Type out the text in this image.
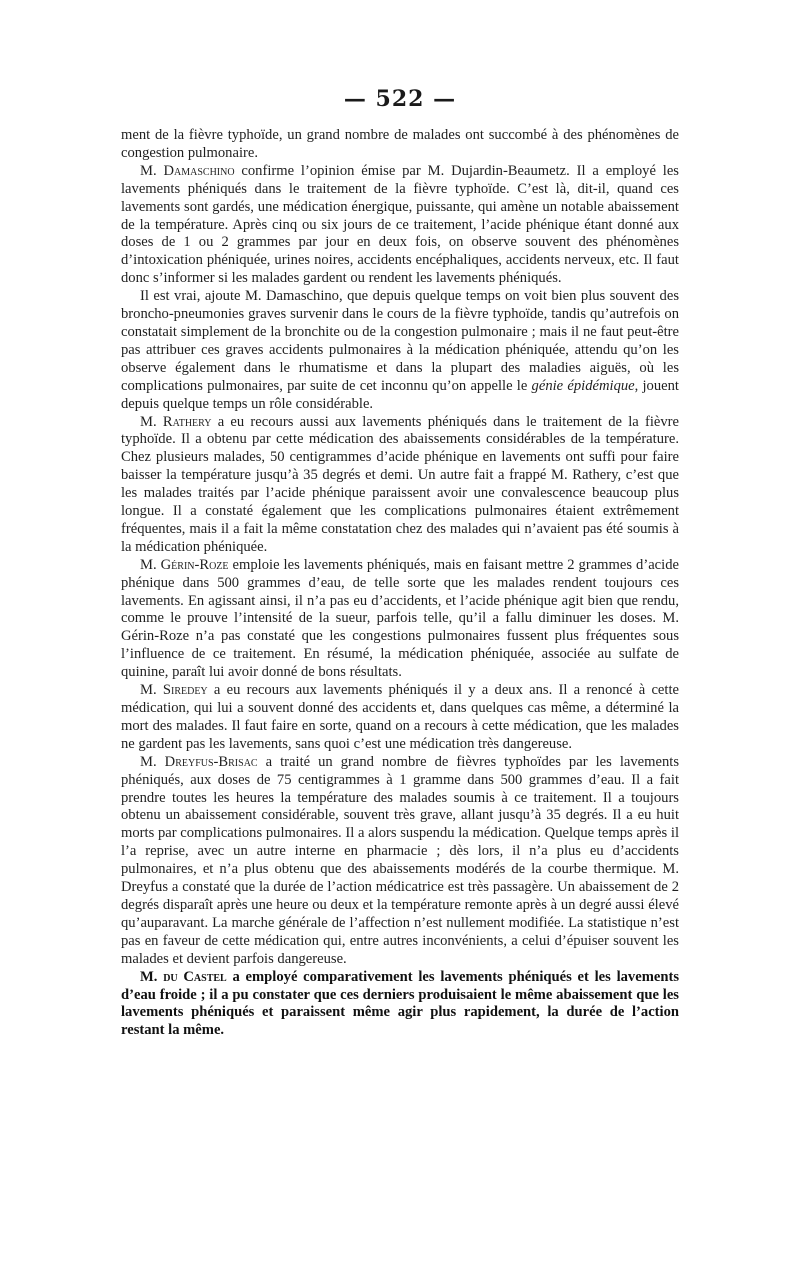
— 522 —

ment de la fièvre typhoïde, un grand nombre de malades ont succombé à des phénomènes de congestion pulmonaire.

M. Damaschino confirme l’opinion émise par M. Dujardin-Beaumetz. Il a employé les lavements phéniqués dans le traitement de la fièvre typhoïde. C’est là, dit-il, quand ces lavements sont gardés, une médication énergique, puissante, qui amène un notable abaissement de la température. Après cinq ou six jours de ce traitement, l’acide phénique étant donné aux doses de 1 ou 2 grammes par jour en deux fois, on observe souvent des phénomènes d’intoxication phéniquée, urines noires, accidents encéphaliques, accidents nerveux, etc. Il faut donc s’informer si les malades gardent ou rendent les lavements phéniqués.

Il est vrai, ajoute M. Damaschino, que depuis quelque temps on voit bien plus souvent des broncho-pneumonies graves survenir dans le cours de la fièvre typhoïde, tandis qu’autrefois on constatait simplement de la bronchite ou de la congestion pulmonaire ; mais il ne faut peut-être pas attribuer ces graves accidents pulmonaires à la médication phéniquée, attendu qu’on les observe également dans le rhumatisme et dans la plupart des maladies aiguës, où les complications pulmonaires, par suite de cet inconnu qu’on appelle le génie épidémique, jouent depuis quelque temps un rôle considérable.

M. Rathery a eu recours aussi aux lavements phéniqués dans le traitement de la fièvre typhoïde. Il a obtenu par cette médication des abaissements considérables de la température. Chez plusieurs malades, 50 centigrammes d’acide phénique en lavements ont suffi pour faire baisser la température jusqu’à 35 degrés et demi. Un autre fait a frappé M. Rathery, c’est que les malades traités par l’acide phénique paraissent avoir une convalescence beaucoup plus longue. Il a constaté également que les complications pulmonaires étaient extrêmement fréquentes, mais il a fait la même constatation chez des malades qui n’avaient pas été soumis à la médication phéniquée.

M. Gérin-Roze emploie les lavements phéniqués, mais en faisant mettre 2 grammes d’acide phénique dans 500 grammes d’eau, de telle sorte que les malades rendent toujours ces lavements. En agissant ainsi, il n’a pas eu d’accidents, et l’acide phénique agit bien que rendu, comme le prouve l’intensité de la sueur, parfois telle, qu’il a fallu diminuer les doses. M. Gérin-Roze n’a pas constaté que les congestions pulmonaires fussent plus fréquentes sous l’influence de ce traitement. En résumé, la médication phéniquée, associée au sulfate de quinine, paraît lui avoir donné de bons résultats.

M. Siredey a eu recours aux lavements phéniqués il y a deux ans. Il a renoncé à cette médication, qui lui a souvent donné des accidents et, dans quelques cas même, a déterminé la mort des malades. Il faut faire en sorte, quand on a recours à cette médication, que les malades ne gardent pas les lavements, sans quoi c’est une médication très dangereuse.

M. Dreyfus-Brisac a traité un grand nombre de fièvres typhoïdes par les lavements phéniqués, aux doses de 75 centigrammes à 1 gramme dans 500 grammes d’eau. Il a fait prendre toutes les heures la température des malades soumis à ce traitement. Il a toujours obtenu un abaissement considérable, souvent très grave, allant jusqu’à 35 degrés. Il a eu huit morts par complications pulmonaires. Il a alors suspendu la médication. Quelque temps après il l’a reprise, avec un autre interne en pharmacie ; dès lors, il n’a plus eu d’accidents pulmonaires, et n’a plus obtenu que des abaissements modérés de la courbe thermique. M. Dreyfus a constaté que la durée de l’action médicatrice est très passagère. Un abaissement de 2 degrés disparaît après une heure ou deux et la température remonte après à un degré aussi élevé qu’auparavant. La marche générale de l’affection n’est nullement modifiée. La statistique n’est pas en faveur de cette médication qui, entre autres inconvénients, a celui d’épuiser souvent les malades et devient parfois dangereuse.

M. du Castel a employé comparativement les lavements phéniqués et les lavements d’eau froide ; il a pu constater que ces derniers produisaient le même abaissement que les lavements phéniqués et paraissent même agir plus rapidement, la durée de l’action restant la même.
